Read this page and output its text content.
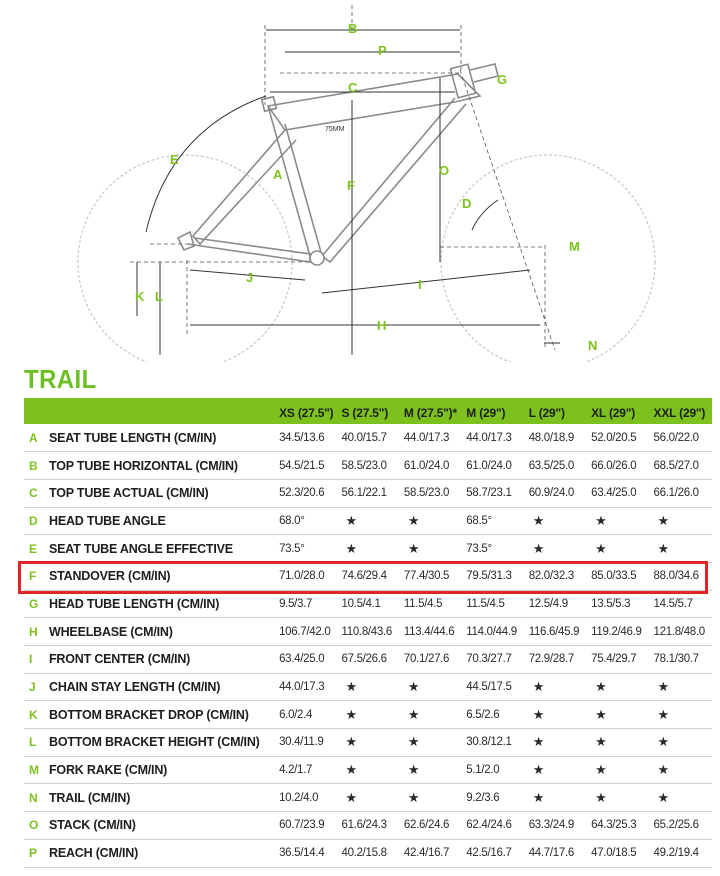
B
P
C
G
75MM
E
A
F
O
D
M
J	I
K L
H
N
TRAIL
		XS (27.5")	S (27.5")	M (27.5")*	M (29")	L (29")	XL (29")	XXL (29")
A	SEAT TUBE LENGTH (CM/IN)	34.5/13.6	40.0/15.7	44.0/17.3	44.0/17.3	48.0/18.9	52.0/20.5	56.0/22.0
B	TOP TUBE HORIZONTAL (CM/IN)	54.5/21.5	58.5/23.0	61.0/24.0	61.0/24.0	63.5/25.0	66.0/26.0	68.5/27.0
C	TOP TUBE ACTUAL (CM/IN)	52.3/20.6	56.1/22.1	58.5/23.0	58.7/23.1	60.9/24.0	63.4/25.0	66.1/26.0
D	HEAD TUBE ANGLE	68.0°	★	★	68.5°	★	★	★
E	SEAT TUBE ANGLE EFFECTIVE	73.5°	★	★	73.5°	★	★	★
F	STANDOVER (CM/IN)	71.0/28.0	74.6/29.4	77.4/30.5	79.5/31.3	82.0/32.3	85.0/33.5	88.0/34.6
G	HEAD TUBE LENGTH (CM/IN)	9.5/3.7	10.5/4.1	11.5/4.5	11.5/4.5	12.5/4.9	13.5/5.3	14.5/5.7
H	WHEELBASE (CM/IN)	106.7/42.0	110.8/43.6	113.4/44.6	114.0/44.9	116.6/45.9	119.2/46.9	121.8/48.0
I	FRONT CENTER (CM/IN)	63.4/25.0	67.5/26.6	70.1/27.6	70.3/27.7	72.9/28.7	75.4/29.7	78.1/30.7
J	CHAIN STAY LENGTH (CM/IN)	44.0/17.3	★	★	44.5/17.5	★	★	★
K	BOTTOM BRACKET DROP (CM/IN)	6.0/2.4	★	★	6.5/2.6	★	★	★
L	BOTTOM BRACKET HEIGHT (CM/IN)	30.4/11.9	★	★	30.8/12.1	★	★	★
M	FORK RAKE (CM/IN)	4.2/1.7	★	★	5.1/2.0	★	★	★
N	TRAIL (CM/IN)	10.2/4.0	★	★	9.2/3.6	★	★	★
O	STACK (CM/IN)	60.7/23.9	61.6/24.3	62.6/24.6	62.4/24.6	63.3/24.9	64.3/25.3	65.2/25.6
P	REACH (CM/IN)	36.5/14.4	40.2/15.8	42.4/16.7	42.5/16.7	44.7/17.6	47.0/18.5	49.2/19.4
